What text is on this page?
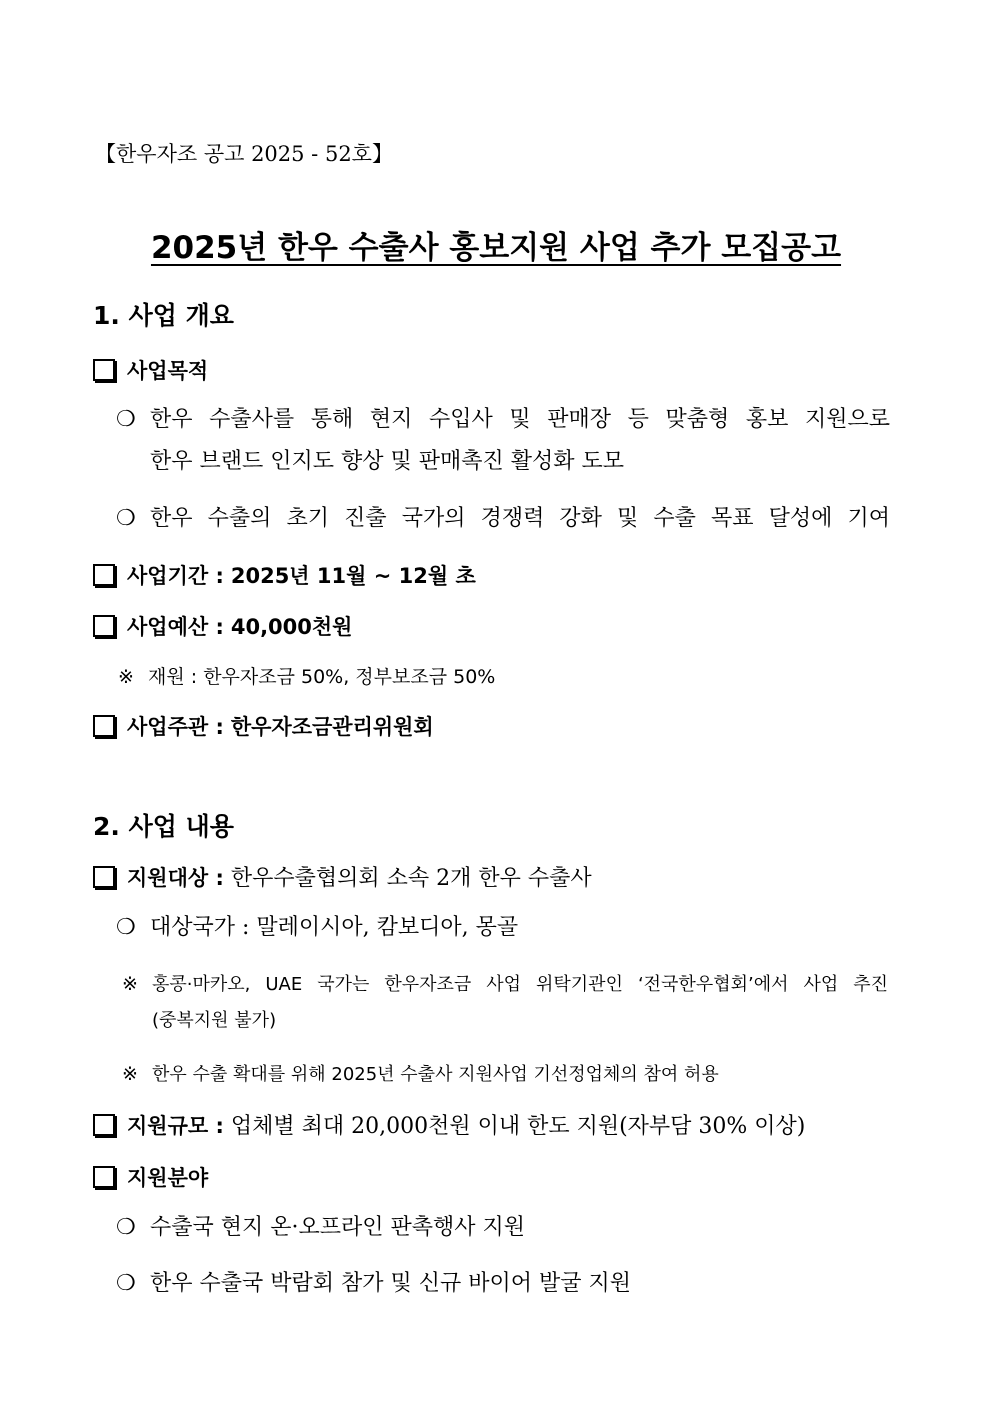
【한우자조 공고 2025 - 52호】
2025년 한우 수출사 홍보지원 사업 추가 모집공고
1. 사업 개요
사업목적
❍ 한우 수출사를 통해 현지 수입사 및 판매장 등 맞춤형 홍보 지원으로
한우 브랜드 인지도 향상 및 판매촉진 활성화 도모
❍ 한우 수출의 초기 진출 국가의 경쟁력 강화 및 수출 목표 달성에 기여
사업기간 :
2025년 11월 ~ 12월 초
사업예산 :
40,000천원
※ 재원 : 한우자조금 50%, 정부보조금 50%
사업주관 :
한우자조금관리위원회
2. 사업 내용
지원대상 :
한우수출협의회 소속 2개 한우 수출사
❍ 대상국가 : 말레이시아, 캄보디아, 몽골
※ 홍콩·마카오, UAE 국가는 한우자조금 사업 위탁기관인 ‘전국한우협회’에서 사업 추진
(중복지원 불가)
※ 한우 수출 확대를 위해 2025년 수출사 지원사업 기선정업체의 참여 허용
지원규모 :
업체별 최대 20,000천원 이내 한도 지원(자부담 30% 이상)
지원분야
❍ 수출국 현지 온·오프라인 판촉행사 지원
❍ 한우 수출국 박람회 참가 및 신규 바이어 발굴 지원
